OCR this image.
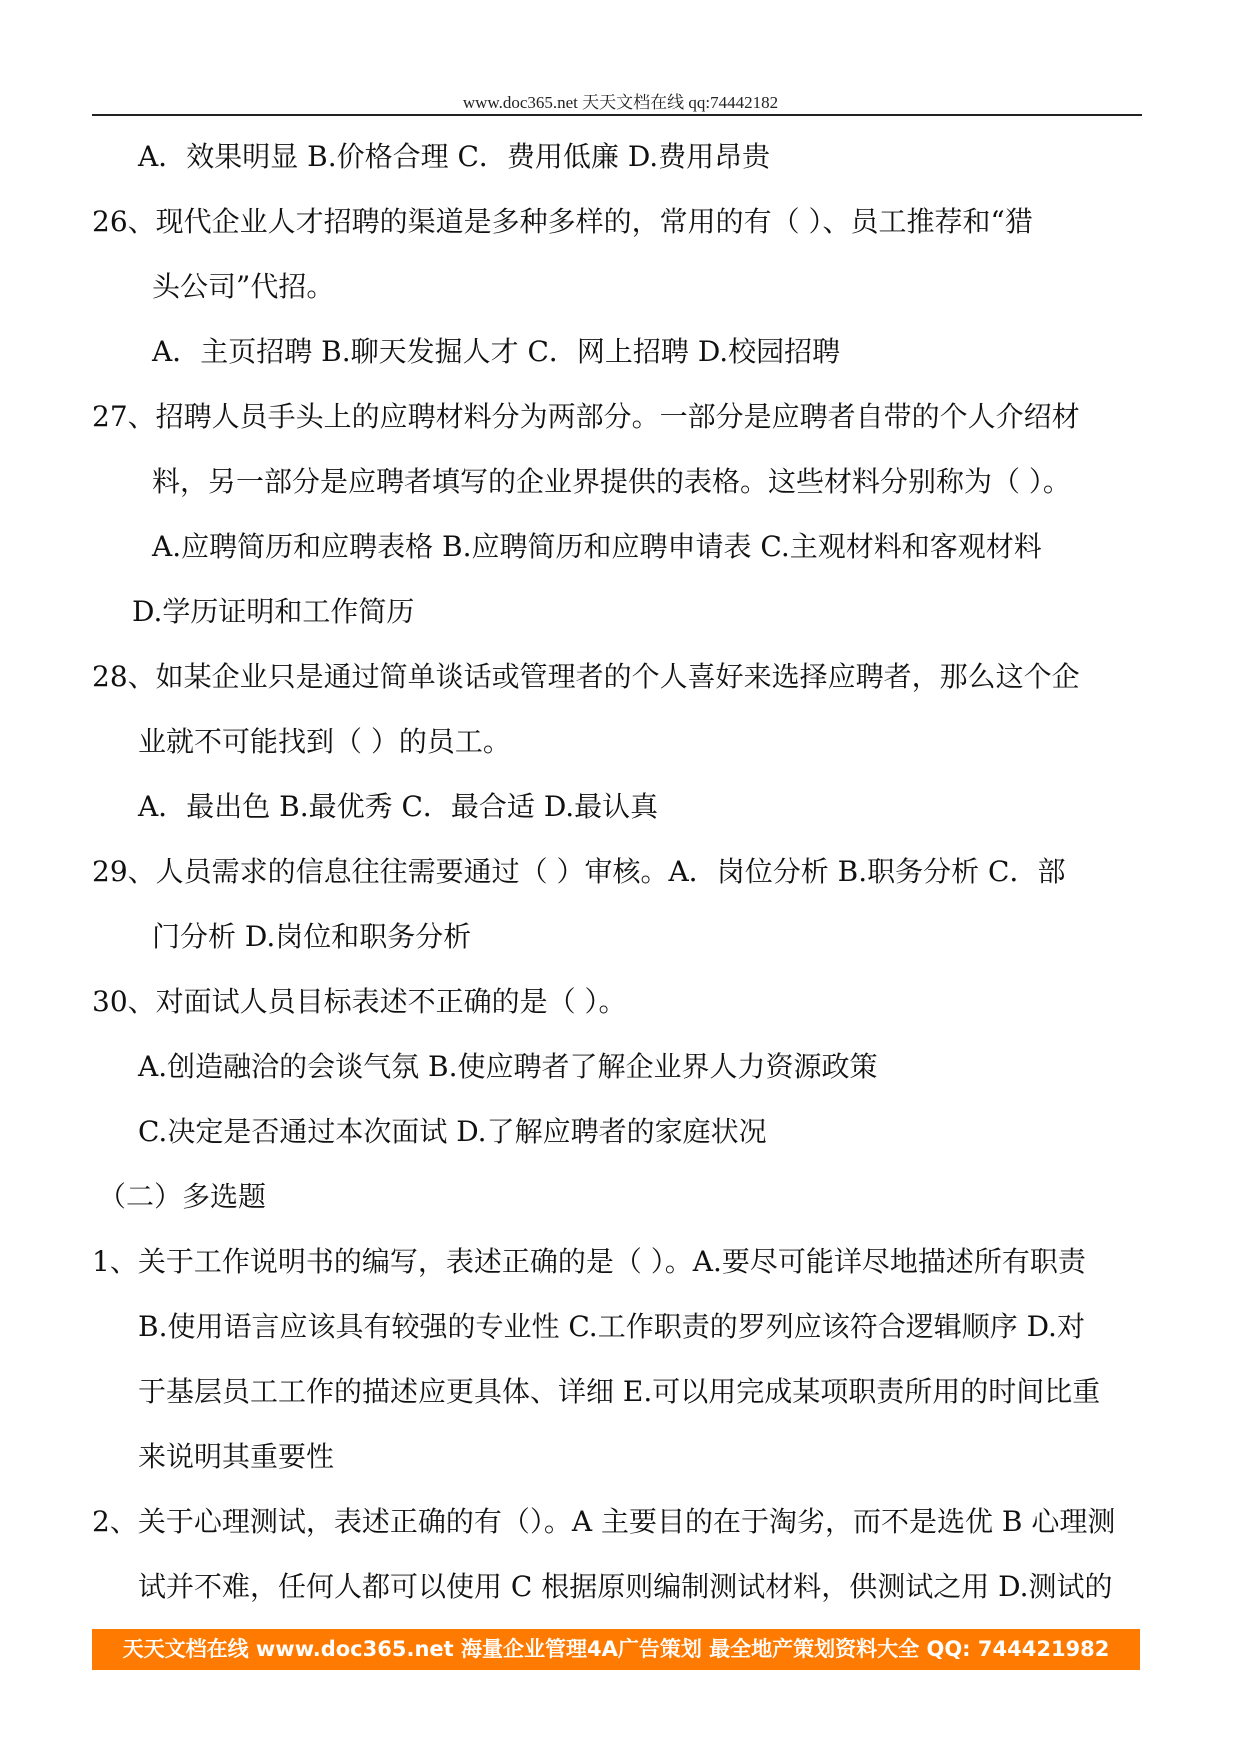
www.doc365.net 天天文档在线 qq:74442182
A．效果明显 B.价格合理 C．费用低廉 D.费用昂贵
26、现代企业人才招聘的渠道是多种多样的，常用的有（ ）、员工推荐和“猎
头公司”代招。
A．主页招聘 B.聊天发掘人才 C．网上招聘 D.校园招聘
27、招聘人员手头上的应聘材料分为两部分。一部分是应聘者自带的个人介绍材
料，另一部分是应聘者填写的企业界提供的表格。这些材料分别称为（ ）。
A.应聘简历和应聘表格 B.应聘简历和应聘申请表 C.主观材料和客观材料
D.学历证明和工作简历
28、如某企业只是通过简单谈话或管理者的个人喜好来选择应聘者，那么这个企
业就不可能找到（ ）的员工。
A．最出色 B.最优秀 C．最合适 D.最认真
29、人员需求的信息往往需要通过（ ）审核。A．岗位分析 B.职务分析 C．部
门分析 D.岗位和职务分析
30、对面试人员目标表述不正确的是（ ）。
A.创造融洽的会谈气氛 B.使应聘者了解企业界人力资源政策
C.决定是否通过本次面试 D.了解应聘者的家庭状况
（二）多选题
1、关于工作说明书的编写，表述正确的是（ ）。A.要尽可能详尽地描述所有职责
B.使用语言应该具有较强的专业性 C.工作职责的罗列应该符合逻辑顺序 D.对
于基层员工工作的描述应更具体、详细 E.可以用完成某项职责所用的时间比重
来说明其重要性
2、关于心理测试，表述正确的有（）。A 主要目的在于淘劣，而不是选优 B 心理测
试并不难，任何人都可以使用 C 根据原则编制测试材料，供测试之用 D.测试的
天天文档在线 www.doc365.net 海量企业管理4A广告策划 最全地产策划资料大全 QQ: 744421982
